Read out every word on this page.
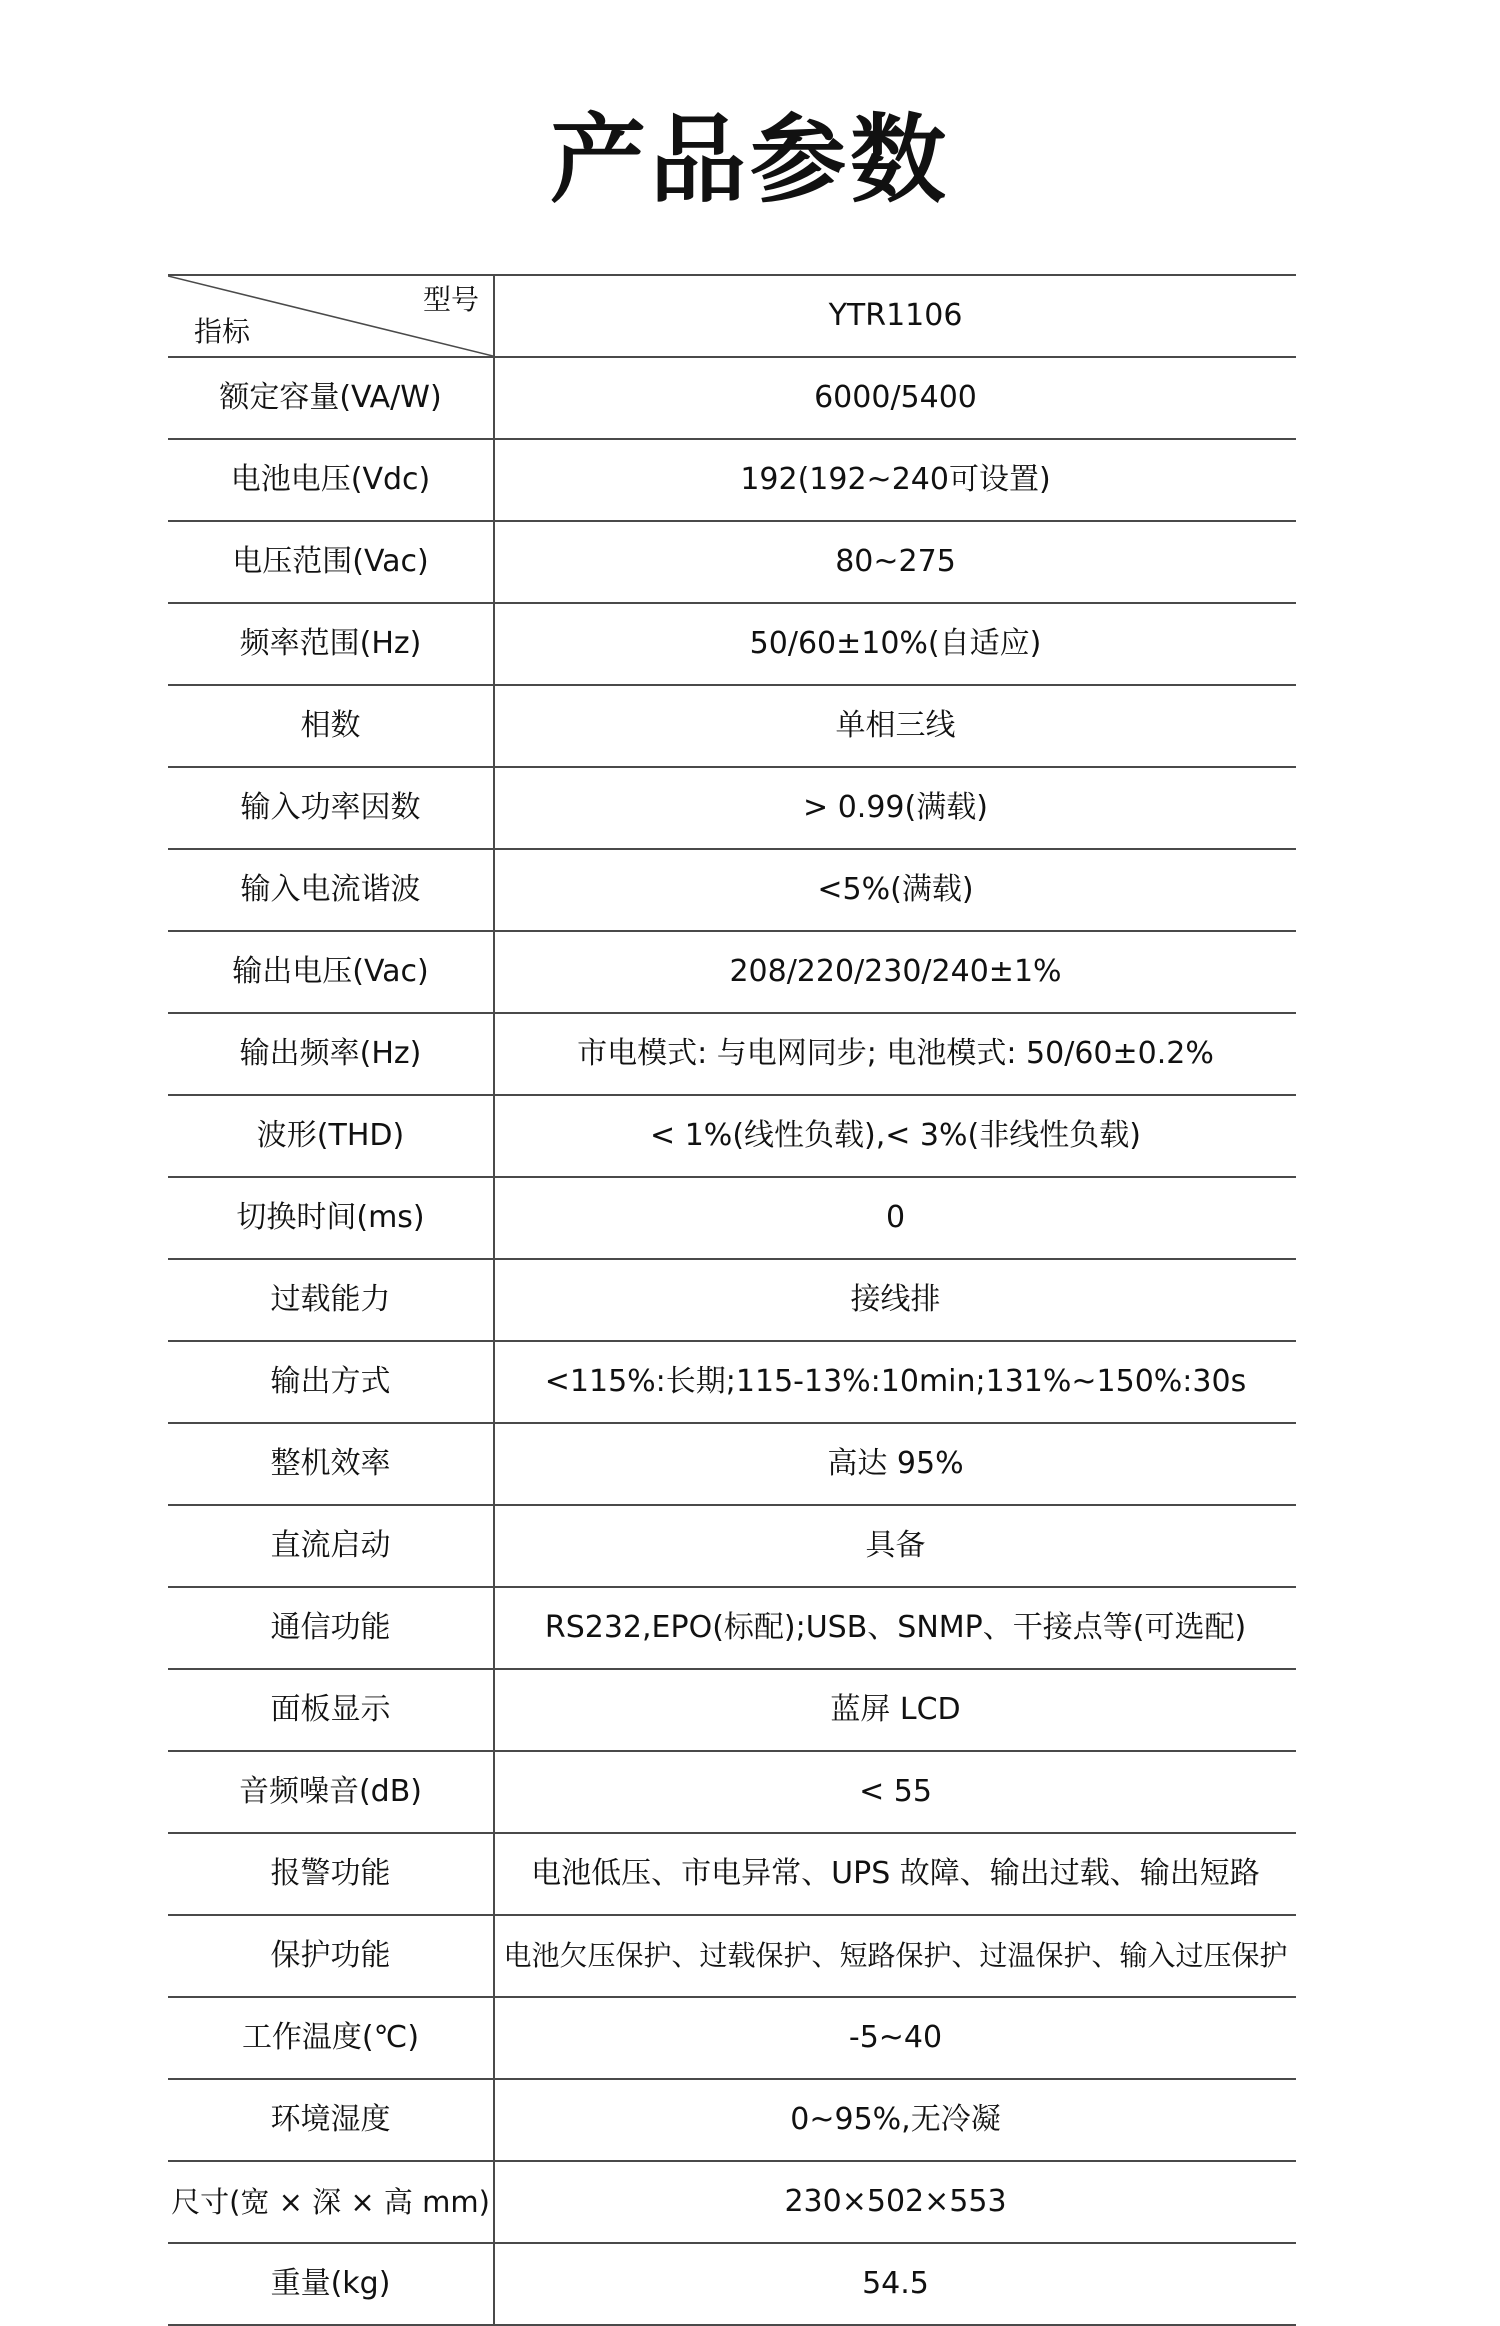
产品参数
型号
指标	YTR1106
额定容量(VA/W)	6000/5400
电池电压(Vdc)	192(192~240可设置)
电压范围(Vac)	80~275
频率范围(Hz)	50/60±10%(自适应)
相数	单相三线
输入功率因数	> 0.99(满载)
输入电流谐波	<5%(满载)
输出电压(Vac)	208/220/230/240±1%
输出频率(Hz)	市电模式: 与电网同步; 电池模式: 50/60±0.2%
波形(THD)	< 1%(线性负载),< 3%(非线性负载)
切换时间(ms)	0
过载能力	接线排
输出方式	<115%:长期;115-13%:10min;131%~150%:30s
整机效率	高达 95%
直流启动	具备
通信功能	RS232,EPO(标配);USB、SNMP、干接点等(可选配)
面板显示	蓝屏 LCD
音频噪音(dB)	< 55
报警功能	电池低压、市电异常、UPS 故障、输出过载、输出短路
保护功能	电池欠压保护、过载保护、短路保护、过温保护、输入过压保护
工作温度(℃)	-5~40
环境湿度	0~95%,无冷凝
尺寸(宽 × 深 × 高 mm)	230×502×553
重量(kg)	54.5
